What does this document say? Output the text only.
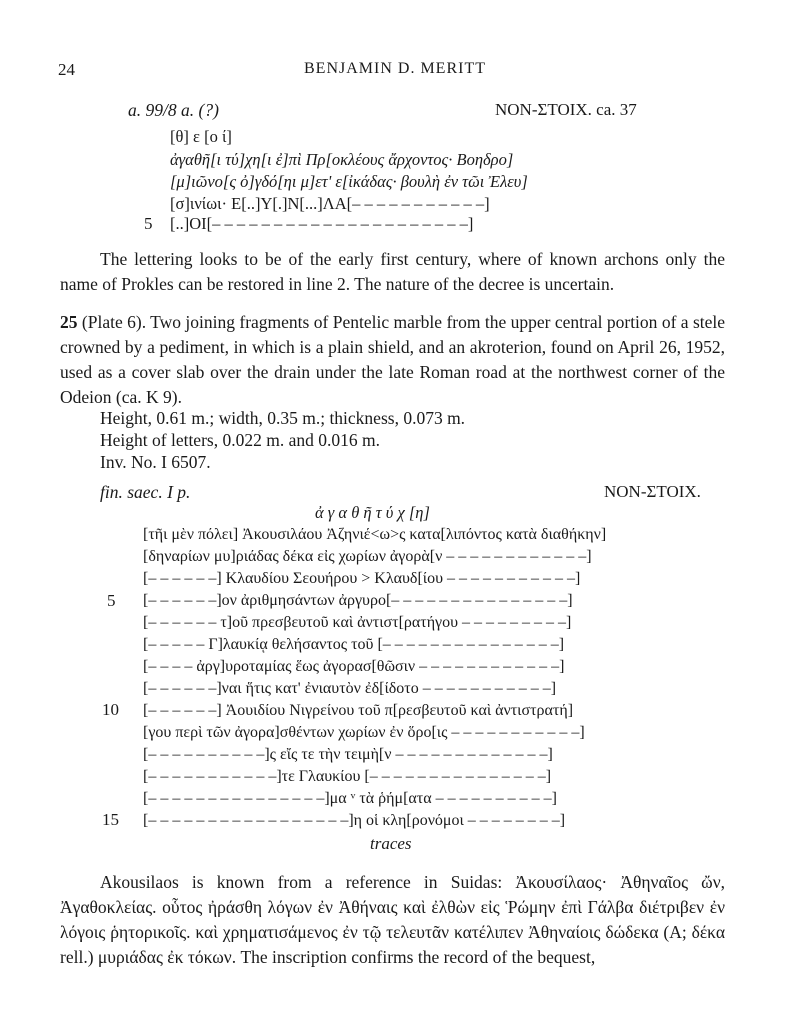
24	BENJAMIN D. MERITT
a. 99/8 a. (?)	NON-ΣΤΟΙΧ. ca. 37
[θ] ε [ο ί]
ἀγαθῆ[ι τύ]χη[ι ἐ]πὶ Πρ[οκλέους ἄρχοντος· Βοηδρο]
[μ]ιῶνο[ς ὀ]γδό[ηι μ]ετ' ε[ἰκάδας· βουλὴ ἐν τῶι Ἐλευ]
[σ]ινίωι· Ε[..]Υ[.]Ν[...]ΛΑ[– – – – – – – – – – –]
5 [..]ΟΙ[– – – – – – – – – – – – – – – – – – – – –]
The lettering looks to be of the early first century, where of known archons only the name of Prokles can be restored in line 2. The nature of the decree is uncertain.
25 (Plate 6). Two joining fragments of Pentelic marble from the upper central portion of a stele crowned by a pediment, in which is a plain shield, and an akroterion, found on April 26, 1952, used as a cover slab over the drain under the late Roman road at the northwest corner of the Odeion (ca. K 9).
Height, 0.61 m.; width, 0.35 m.; thickness, 0.073 m.
Height of letters, 0.022 m. and 0.016 m.
Inv. No. I 6507.
fin. saec. I p.	NON-ΣΤΟΙΧ.
ἀ γ α θ ῆ τ ύ χ [η]
[τῆι μὲν πόλει] Ἀκουσιλάου Ἀζηνιέ<ω>ς κατα[λιπόντος κατὰ διαθήκην]
[δηναρίων μυ]ριάδας δέκα εἰς χωρίων ἀγορὰ[ν – – – – – – – – – – – –]
[– – – – – –] Κλαυδίου Σεουήρου > Κλαυδ[ίου – – – – – – – – – – –]
5 [– – – – – –]ον ἀριθμησάντων ἀργυρο[– – – – – – – – – – – – – – –]
[– – – – – – τ]οῦ πρεσβευτοῦ καὶ ἀντιστ[ρατήγου – – – – – – – – –]
[– – – – – Γ]λαυκίᾳ θελήσαντος τοῦ [– – – – – – – – – – – – – – –]
[– – – – ἀργ]υροταμίας ἕως ἀγορασ[θῶσιν – – – – – – – – – – – –]
[– – – – – –]ναι ἥτις κατ' ἐνιαυτὸν ἐδ[ίδοτο – – – – – – – – – – –]
10 [– – – – – –] Ἀουιδίου Νιγρείνου τοῦ π[ρεσβευτοῦ καὶ ἀντιστρατή]
[γου περὶ τῶν ἀγορα]σθέντων χωρίων ἐν ὅρο[ις – – – – – – – – – – –]
[– – – – – – – – – –]ς εἴς τε τὴν τειμὴ[ν – – – – – – – – – – – – –]
[– – – – – – – – – – –]τε Γλαυκίου [– – – – – – – – – – – – – – –]
[– – – – – – – – – – – – – – –]μα ᵛ τὰ ῥήμ[ατα – – – – – – – – – –]
15 [– – – – – – – – – – – – – – – – –]η οἱ κλη[ρονόμοι – – – – – – – –]
traces
Akousilaos is known from a reference in Suidas: Ἀκουσίλαος· Ἀθηναῖος ὤν, Ἀγαθοκλείας. οὗτος ἠράσθη λόγων ἐν Ἀθήναις καὶ ἐλθὼν εἰς Ῥώμην ἐπὶ Γάλβα διέτριβεν ἐν λόγοις ῥητορικοῖς. καὶ χρηματισάμενος ἐν τῷ τελευτᾶν κατέλιπεν Ἀθηναίοις δώδεκα (A; δέκα rell.) μυριάδας ἐκ τόκων. The inscription confirms the record of the bequest,
